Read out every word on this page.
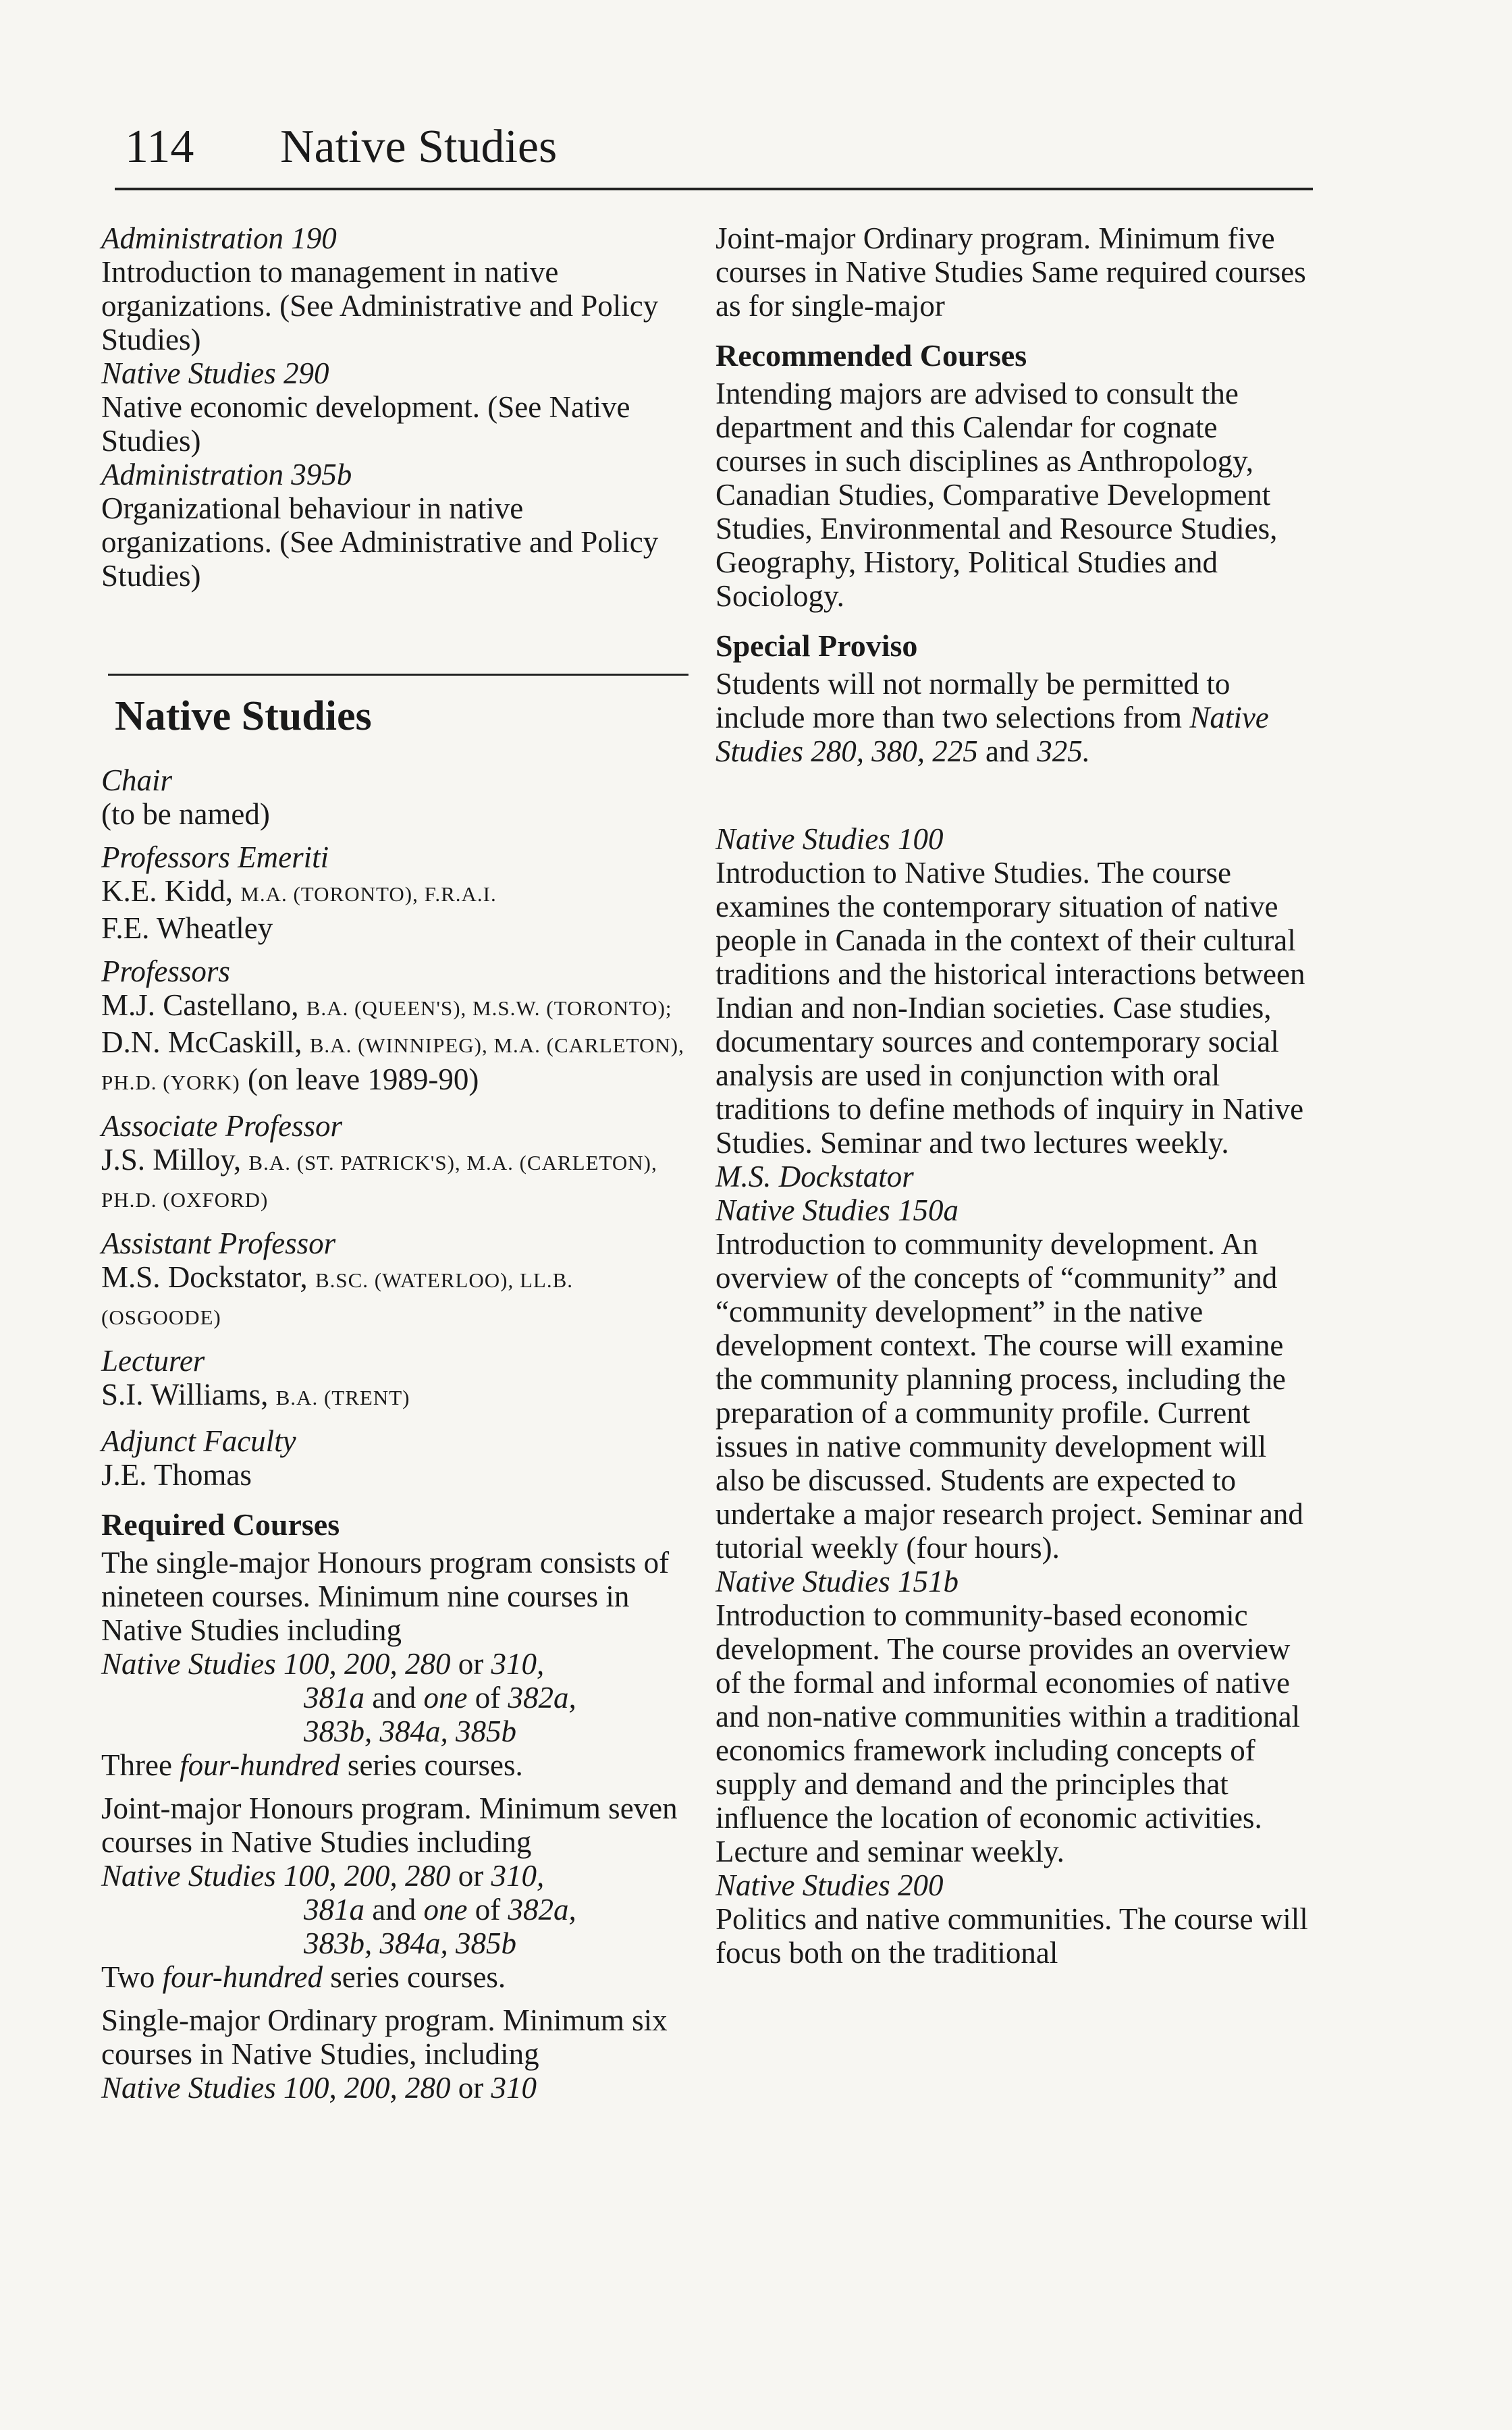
114 Native Studies

Administration 190

Introduction to management in native organizations. (See Administrative and Policy Studies)

Native Studies 290

Native economic development. (See Native Studies)

Administration 395b

Organizational behaviour in native organizations. (See Administrative and Policy Studies)

Native Studies

Chair

(to be named)

Professors Emeriti

K.E. Kidd, M.A. (TORONTO), F.R.A.I.

F.E. Wheatley

Professors

M.J. Castellano, B.A. (QUEEN'S), M.S.W. (TORONTO); D.N. McCaskill, B.A. (WINNIPEG), M.A. (CARLETON), PH.D. (YORK) (on leave 1989-90)

Associate Professor

J.S. Milloy, B.A. (ST. PATRICK'S), M.A. (CARLETON), PH.D. (OXFORD)

Assistant Professor

M.S. Dockstator, B.SC. (WATERLOO), LL.B. (OSGOODE)

Lecturer

S.I. Williams, B.A. (TRENT)

Adjunct Faculty

J.E. Thomas

Required Courses

The single-major Honours program consists of nineteen courses. Minimum nine courses in Native Studies including

Native Studies 100, 200, 280 or 310,

381a and one of 382a,

383b, 384a, 385b

Three four-hundred series courses.

Joint-major Honours program. Minimum seven courses in Native Studies including

Native Studies 100, 200, 280 or 310,

381a and one of 382a,

383b, 384a, 385b

Two four-hundred series courses.

Single-major Ordinary program. Minimum six courses in Native Studies, including

Native Studies 100, 200, 280 or 310

Joint-major Ordinary program. Minimum five courses in Native Studies Same required courses as for single-major

Recommended Courses

Intending majors are advised to consult the department and this Calendar for cognate courses in such disciplines as Anthropology, Canadian Studies, Comparative Development Studies, Environmental and Resource Studies, Geography, History, Political Studies and Sociology.

Special Proviso

Students will not normally be permitted to include more than two selections from Native Studies 280, 380, 225 and 325.

Native Studies 100

Introduction to Native Studies. The course examines the contemporary situation of native people in Canada in the context of their cultural traditions and the historical interactions between Indian and non-Indian societies. Case studies, documentary sources and contemporary social analysis are used in conjunction with oral traditions to define methods of inquiry in Native Studies. Seminar and two lectures weekly.

M.S. Dockstator

Native Studies 150a

Introduction to community development. An overview of the concepts of “community” and “community development” in the native development context. The course will examine the community planning process, including the preparation of a community profile. Current issues in native community development will also be discussed. Students are expected to undertake a major research project. Seminar and tutorial weekly (four hours).

Native Studies 151b

Introduction to community-based economic development. The course provides an overview of the formal and informal economies of native and non-native communities within a traditional economics framework including concepts of supply and demand and the principles that influence the location of economic activities. Lecture and seminar weekly.

Native Studies 200

Politics and native communities. The course will focus both on the traditional
